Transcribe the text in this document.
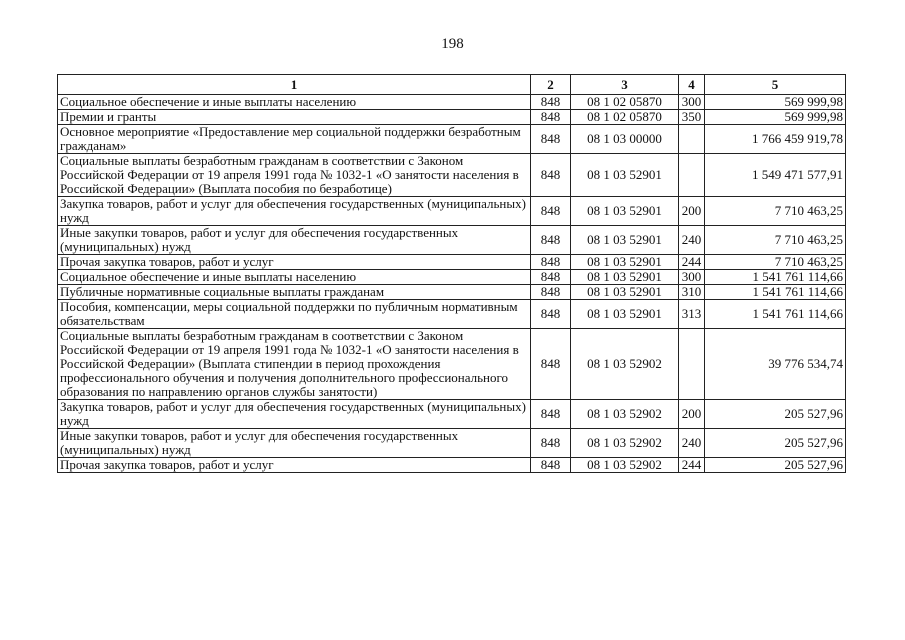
198
1	2	3	4	5
Социальное обеспечение и иные выплаты населению	848	08 1 02 05870	300	569 999,98
Премии и гранты	848	08 1 02 05870	350	569 999,98
Основное мероприятие «Предоставление мер социальной поддержки безработным гражданам»	848	08 1 03 00000		1 766 459 919,78
Социальные выплаты безработным гражданам в соответствии с Законом Российской Федерации от 19 апреля 1991 года № 1032-1 «О занятости населения в Российской Федерации» (Выплата пособия по безработице)	848	08 1 03 52901		1 549 471 577,91
Закупка товаров, работ и услуг для обеспечения государственных (муниципальных) нужд	848	08 1 03 52901	200	7 710 463,25
Иные закупки товаров, работ и услуг для обеспечения государственных (муниципальных) нужд	848	08 1 03 52901	240	7 710 463,25
Прочая закупка товаров, работ и услуг	848	08 1 03 52901	244	7 710 463,25
Социальное обеспечение и иные выплаты населению	848	08 1 03 52901	300	1 541 761 114,66
Публичные нормативные социальные выплаты гражданам	848	08 1 03 52901	310	1 541 761 114,66
Пособия, компенсации, меры социальной поддержки по публичным нормативным обязательствам	848	08 1 03 52901	313	1 541 761 114,66
Социальные выплаты безработным гражданам в соответствии с Законом Российской Федерации от 19 апреля 1991 года № 1032-1 «О занятости населения в Российской Федерации» (Выплата стипендии в период прохождения профессионального обучения и получения дополнительного профессионального образования по направлению органов службы занятости)	848	08 1 03 52902		39 776 534,74
Закупка товаров, работ и услуг для обеспечения государственных (муниципальных) нужд	848	08 1 03 52902	200	205 527,96
Иные закупки товаров, работ и услуг для обеспечения государственных (муниципальных) нужд	848	08 1 03 52902	240	205 527,96
Прочая закупка товаров, работ и услуг	848	08 1 03 52902	244	205 527,96
